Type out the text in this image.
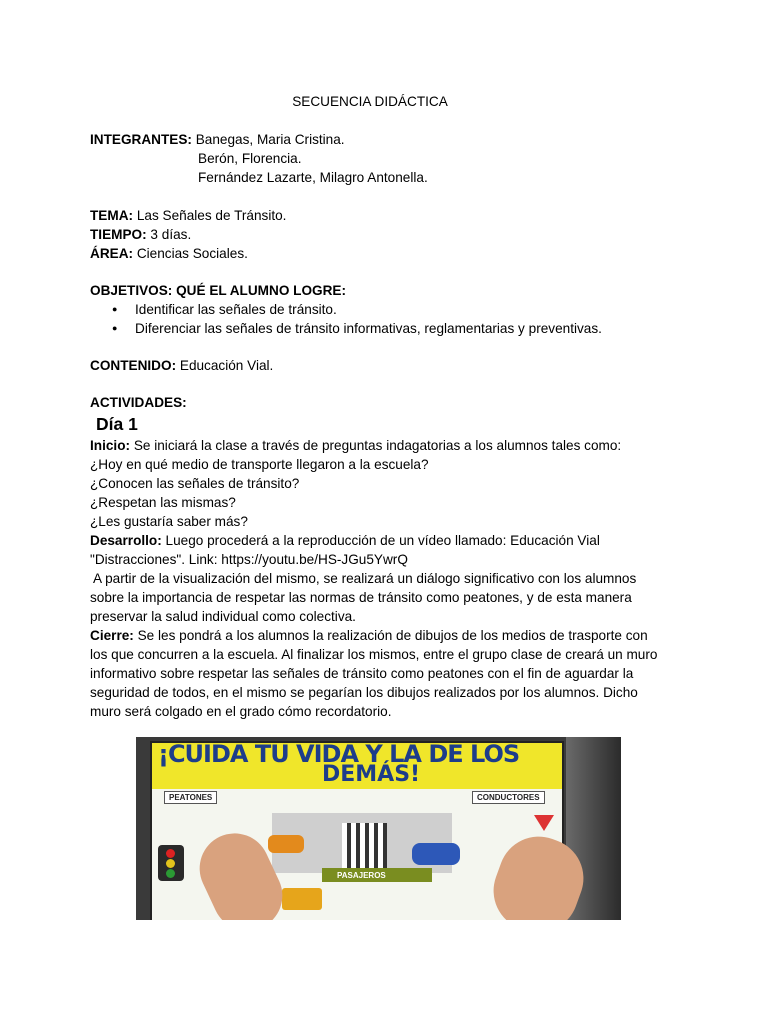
SECUENCIA DIDÁCTICA
INTEGRANTES: Banegas, Maria Cristina.
Berón, Florencia.
Fernández Lazarte, Milagro Antonella.
TEMA: Las Señales de Tránsito.
TIEMPO: 3 días.
ÁREA: Ciencias Sociales.
OBJETIVOS: QUÉ EL ALUMNO LOGRE:
● Identificar las señales de tránsito.
● Diferenciar las señales de tránsito informativas, reglamentarias y preventivas.
CONTENIDO: Educación Vial.
ACTIVIDADES:
Día 1
Inicio: Se iniciará la clase a través de preguntas indagatorias a los alumnos tales como:
¿Hoy en qué medio de transporte llegaron a la escuela?
¿Conocen las señales de tránsito?
¿Respetan las mismas?
¿Les gustaría saber más?
Desarrollo: Luego procederá a la reproducción de un vídeo llamado: Educación Vial
"Distracciones". Link: https://youtu.be/HS-JGu5YwrQ
A partir de la visualización del mismo, se realizará un diálogo significativo con los alumnos
sobre la importancia de respetar las normas de tránsito como peatones, y de esta manera
preservar la salud individual como colectiva.
Cierre: Se les pondrá a los alumnos la realización de dibujos de los medios de trasporte con
los que concurren a la escuela. Al finalizar los mismos, entre el grupo clase de creará un muro
informativo sobre respetar las señales de tránsito como peatones con el fin de aguardar la
seguridad de todos, en el mismo se pegarían los dibujos realizados por los alumnos. Dicho
muro será colgado en el grado cómo recordatorio.
¡CUIDA TU VIDA Y LA DE LOS
DEMÁS!
PEATONES	CONDUCTORES
PASAJEROS
